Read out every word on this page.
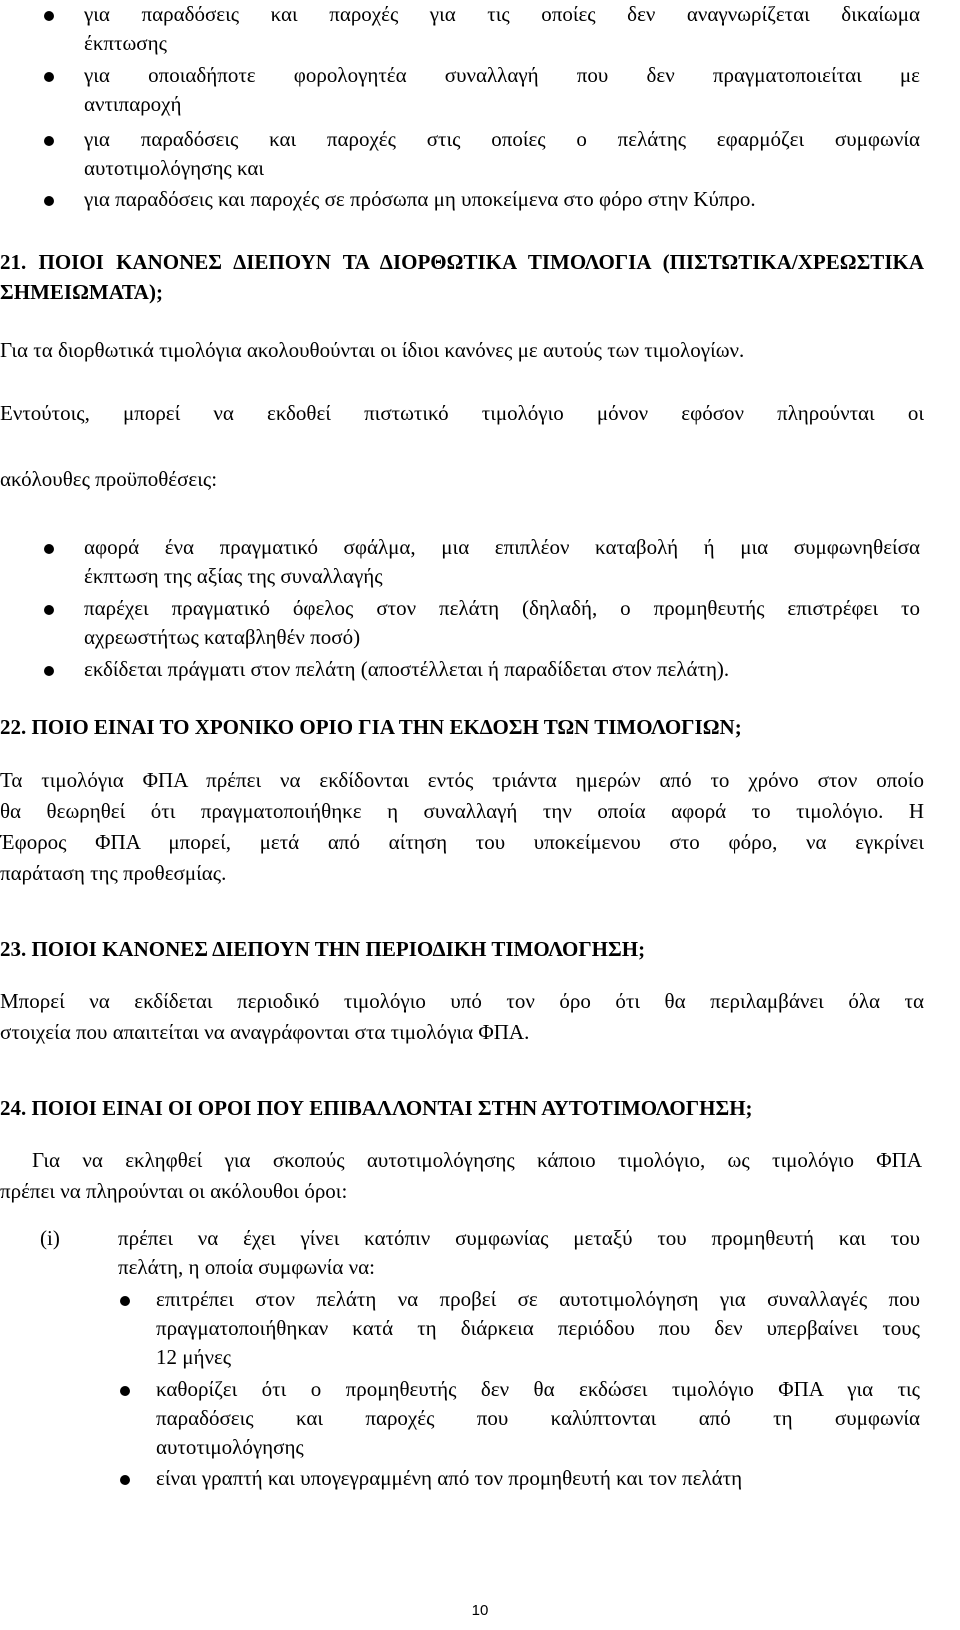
για παραδόσεις και παροχές για τις οποίες δεν αναγνωρίζεται δικαίωμα

έκπτωσης

για οποιαδήποτε φορολογητέα συναλλαγή που δεν πραγματοποιείται με

αντιπαροχή

για παραδόσεις και παροχές στις οποίες ο πελάτης εφαρμόζει συμφωνία

αυτοτιμολόγησης και

για παραδόσεις και παροχές σε πρόσωπα μη υποκείμενα στο φόρο στην Κύπρο.

21. ΠΟΙΟΙ ΚΑΝΟΝΕΣ ΔΙΕΠΟΥΝ ΤΑ ΔΙΟΡΘΩΤΙΚΑ ΤΙΜΟΛΟΓΙΑ (ΠΙΣΤΩΤΙΚΑ/ΧΡΕΩΣΤΙΚΑ

ΣΗΜΕΙΩΜΑΤΑ);

Για τα διορθωτικά τιμολόγια ακολουθούνται οι ίδιοι κανόνες με αυτούς των τιμολογίων.

Εντούτοις, μπορεί να εκδοθεί πιστωτικό τιμολόγιο μόνον εφόσον πληρούνται οι

ακόλουθες προϋποθέσεις:

αφορά ένα πραγματικό σφάλμα, μια επιπλέον καταβολή ή μια συμφωνηθείσα

έκπτωση της αξίας της συναλλαγής

παρέχει πραγματικό όφελος στον πελάτη (δηλαδή, ο προμηθευτής επιστρέφει το

αχρεωστήτως καταβληθέν ποσό)

εκδίδεται πράγματι στον πελάτη (αποστέλλεται ή παραδίδεται στον πελάτη).

22. ΠΟΙΟ ΕΙΝΑΙ ΤΟ ΧΡΟΝΙΚΟ ΟΡΙΟ ΓΙΑ ΤΗΝ ΕΚΔΟΣΗ ΤΩΝ ΤΙΜΟΛΟΓΙΩΝ;

Τα τιμολόγια ΦΠΑ πρέπει να εκδίδονται εντός τριάντα ημερών από το χρόνο στον οποίο

θα θεωρηθεί ότι πραγματοποιήθηκε η συναλλαγή την οποία αφορά το τιμολόγιο. Η

Έφορος ΦΠΑ μπορεί, μετά από αίτηση του υποκείμενου στο φόρο, να εγκρίνει

παράταση της προθεσμίας.

23. ΠΟΙΟΙ ΚΑΝΟΝΕΣ ΔΙΕΠΟΥΝ ΤΗΝ ΠΕΡΙΟΔΙΚΗ ΤΙΜΟΛΟΓΗΣΗ;

Μπορεί να εκδίδεται περιοδικό τιμολόγιο υπό τον όρο ότι θα περιλαμβάνει όλα τα

στοιχεία που απαιτείται να αναγράφονται στα τιμολόγια ΦΠΑ.

24. ΠΟΙΟΙ ΕΙΝΑΙ ΟΙ ΟΡΟΙ ΠΟΥ ΕΠΙΒΑΛΛΟΝΤΑΙ ΣΤΗΝ ΑΥΤΟΤΙΜΟΛΟΓΗΣΗ;

Για να εκληφθεί για σκοπούς αυτοτιμολόγησης κάποιο τιμολόγιο, ως τιμολόγιο ΦΠΑ

πρέπει να πληρούνται οι ακόλουθοι όροι:

(i)	πρέπει να έχει γίνει κατόπιν συμφωνίας μεταξύ του προμηθευτή και του

πελάτη, η οποία συμφωνία να:

επιτρέπει στον πελάτη να προβεί σε αυτοτιμολόγηση για συναλλαγές που

πραγματοποιήθηκαν κατά τη διάρκεια περιόδου που δεν υπερβαίνει τους

12 μήνες

καθορίζει ότι ο προμηθευτής δεν θα εκδώσει τιμολόγιο ΦΠΑ για τις

παραδόσεις και παροχές που καλύπτονται από τη συμφωνία

αυτοτιμολόγησης

είναι γραπτή και υπογεγραμμένη από τον προμηθευτή και τον πελάτη

10
